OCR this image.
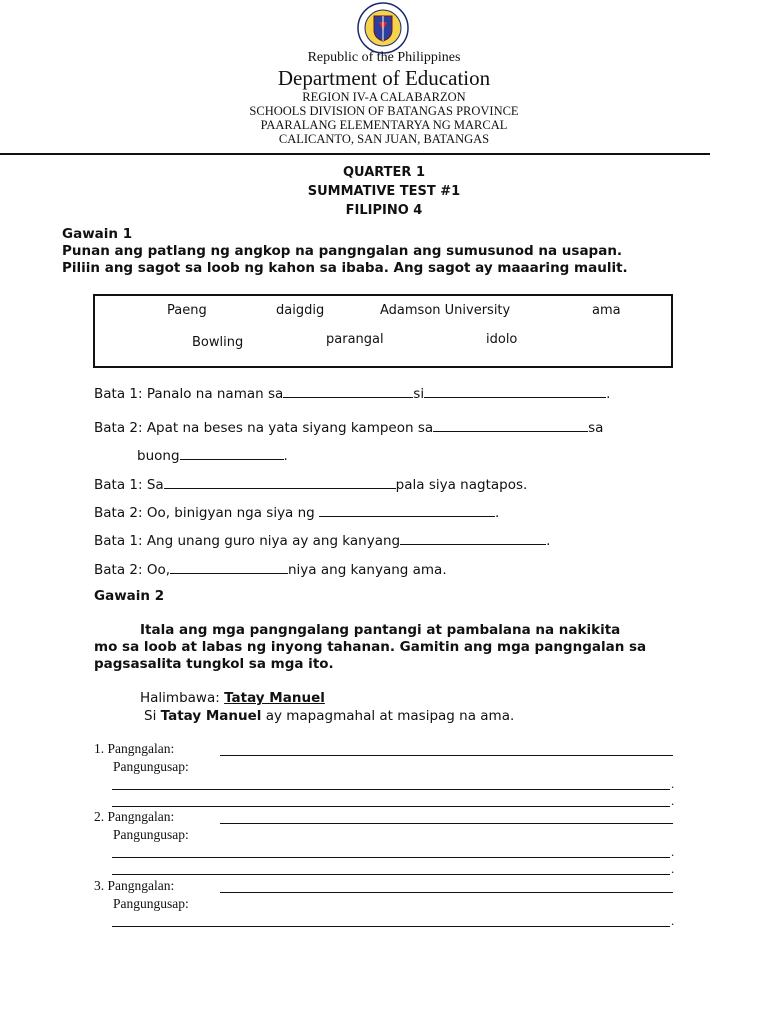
Republic of the Philippines
Department of Education
REGION IV-A CALABARZON
SCHOOLS DIVISION OF BATANGAS PROVINCE
PAARALANG ELEMENTARYA NG MARCAL
CALICANTO, SAN JUAN, BATANGAS
QUARTER 1
SUMMATIVE TEST #1
FILIPINO 4
Gawain 1
Punan ang patlang ng angkop na pangngalan ang sumusunod na usapan.
Piliin ang sagot sa loob ng kahon sa ibaba. Ang sagot ay maaaring maulit.
Paeng	daigdig	Adamson University	ama
Bowling	parangal	idolo
Bata 1: Panalo na naman sa	si	.
Bata 2: Apat na beses na yata siyang kampeon sa	sa
buong	.
Bata 1: Sa	pala siya nagtapos.
Bata 2: Oo, binigyan nga siya ng	.
Bata 1: Ang unang guro niya ay ang kanyang	.
Bata 2: Oo,	niya ang kanyang ama.
Gawain 2
Itala ang mga pangngalang pantangi at pambalana na nakikita
mo sa loob at labas ng inyong tahanan. Gamitin ang mga pangngalan sa
pagsasalita tungkol sa mga ito.
Halimbawa: Tatay Manuel
Si Tatay Manuel ay mapagmahal at masipag na ama.
1. Pangngalan:
Pangungusap:
.
.
2. Pangngalan:
Pangungusap:
.
.
3. Pangngalan:
Pangungusap:
.
